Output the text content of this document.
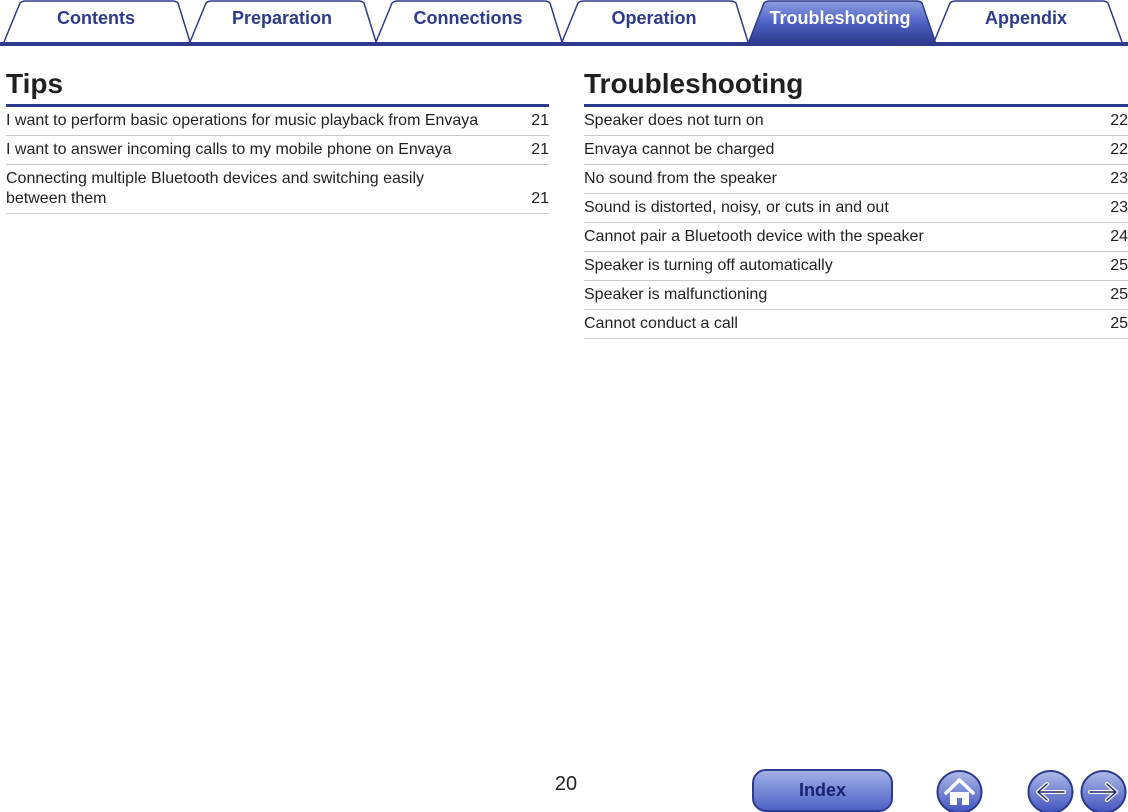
Contents	Preparation	Connections	Operation	Troubleshooting	Appendix
Tips
I want to perform basic operations for music playback from Envaya	21
I want to answer incoming calls to my mobile phone on Envaya	21
Connecting multiple Bluetooth devices and switching easily between them	21
Troubleshooting
Speaker does not turn on	22
Envaya cannot be charged	22
No sound from the speaker	23
Sound is distorted, noisy, or cuts in and out	23
Cannot pair a Bluetooth device with the speaker	24
Speaker is turning off automatically	25
Speaker is malfunctioning	25
Cannot conduct a call	25
20	Index
